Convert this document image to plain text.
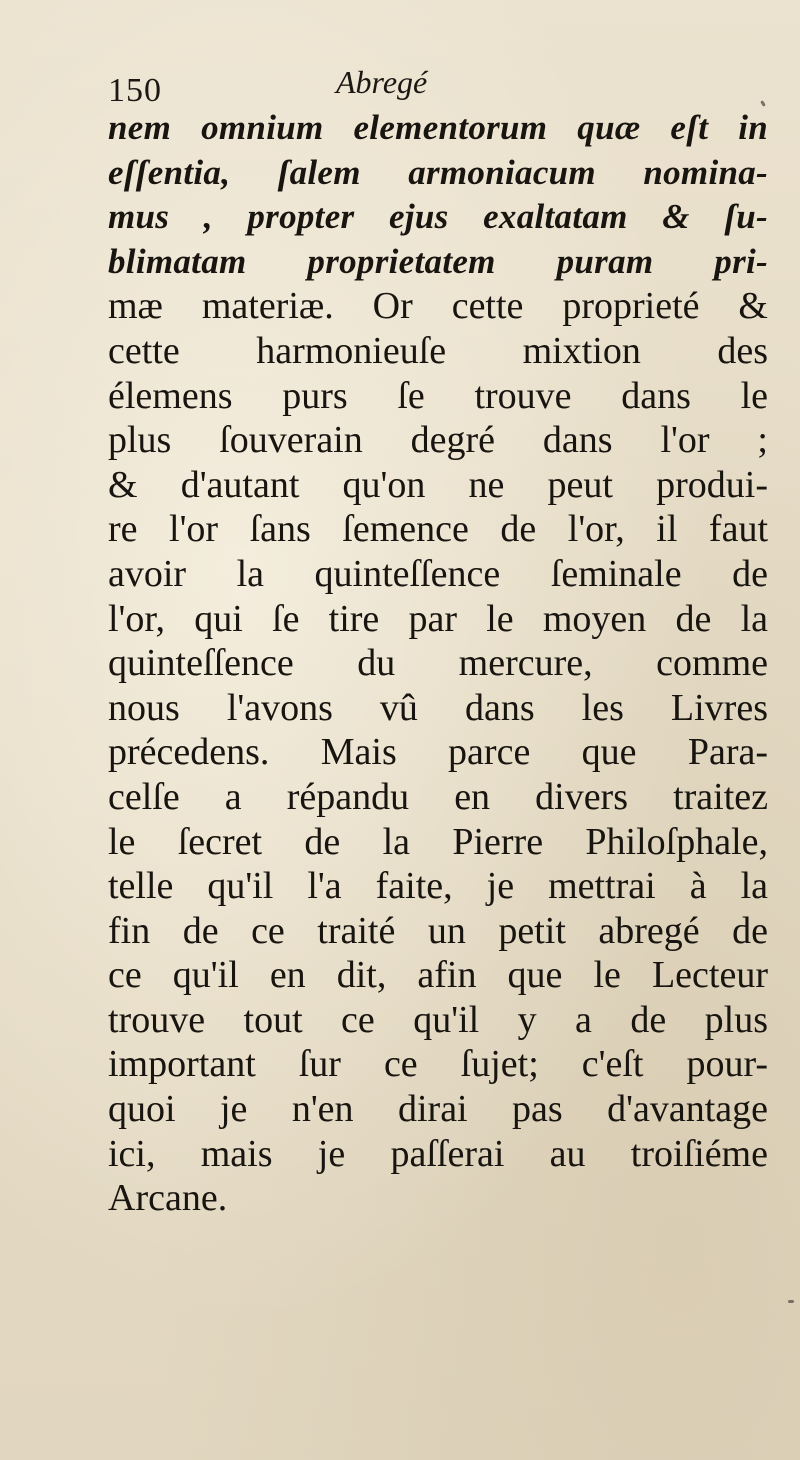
150	Abregé
nem omnium elementorum quæ eſt in
eſſentia, ſalem armoniacum nomina-
mus , propter ejus exaltatam & ſu-
blimatam proprietatem puram pri-
mæ materiæ. Or cette proprieté &
cette harmonieuſe mixtion des
élemens purs ſe trouve dans le
plus ſouverain degré dans l'or ;
& d'autant qu'on ne peut produi-
re l'or ſans ſemence de l'or, il faut
avoir la quinteſſence ſeminale de
l'or, qui ſe tire par le moyen de la
quinteſſence du mercure, comme
nous l'avons vû dans les Livres
précedens. Mais parce que Para-
celſe a répandu en divers traitez
le ſecret de la Pierre Philoſphale,
telle qu'il l'a faite, je mettrai à la
fin de ce traité un petit abregé de
ce qu'il en dit, afin que le Lecteur
trouve tout ce qu'il y a de plus
important ſur ce ſujet; c'eſt pour-
quoi je n'en dirai pas d'avantage
ici, mais je paſſerai au troiſiéme
Arcane.
